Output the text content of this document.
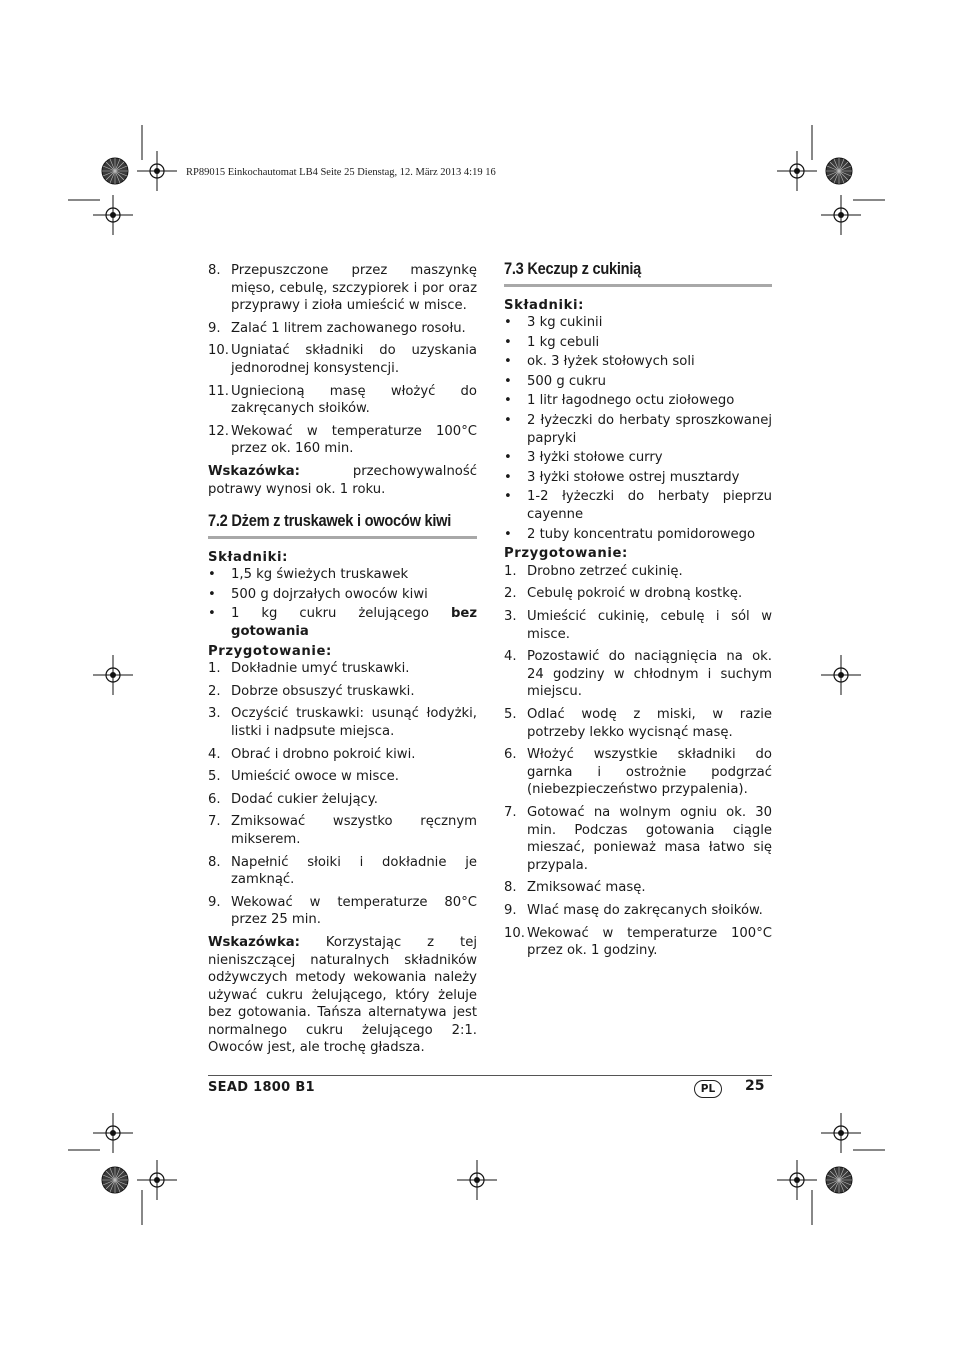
RP89015 Einkochautomat LB4 Seite 25 Dienstag, 12. März 2013 4:19 16
8. Przepuszczone przez maszynkę mięso, cebulę, szczypiorek i por oraz przyprawy i zioła umieścić w misce.
9. Zalać 1 litrem zachowanego rosołu.
10. Ugniatać składniki do uzyskania jednorodnej konsystencji.
11. Ugniecioną masę włożyć do zakręcanych słoików.
12. Wekować w temperaturze 100°C przez ok. 160 min.

Wskazówka: przechowywalność potrawy wynosi ok. 1 roku.

7.2 Dżem z truskawek i owoców kiwi
Składniki:
•	1,5 kg świeżych truskawek
•	500 g dojrzałych owoców kiwi
•	1 kg cukru żelującego bez gotowania
Przygotowanie:
1. Dokładnie umyć truskawki.
2. Dobrze obsuszyć truskawki.
3. Oczyścić truskawki: usunąć łodyżki, listki i nadpsute miejsca.
4. Obrać i drobno pokroić kiwi.
5. Umieścić owoce w misce.
6. Dodać cukier żelujący.
7. Zmiksować wszystko ręcznym mikserem.
8. Napełnić słoiki i dokładnie je zamknąć.
9. Wekować w temperaturze 80°C przez 25 min.

Wskazówka: Korzystając z tej nieniszczącej naturalnych składników odżywczych metody wekowania należy używać cukru żelującego, który żeluje bez gotowania. Tańsza alternatywa jest normalnego cukru żelującego 2:1. Owoców jest, ale trochę gładsza.

7.3 Keczup z cukinią
Składniki:
•	3 kg cukinii
•	1 kg cebuli
•	ok. 3 łyżek stołowych soli
•	500 g cukru
•	1 litr łagodnego octu ziołowego
•	2 łyżeczki do herbaty sproszkowanej papryki
•	3 łyżki stołowe curry
•	3 łyżki stołowe ostrej musztardy
•	1-2 łyżeczki do herbaty pieprzu cayenne
•	2 tuby koncentratu pomidorowego
Przygotowanie:
1. Drobno zetrzeć cukinię.
2. Cebulę pokroić w drobną kostkę.
3. Umieścić cukinię, cebulę i sól w misce.
4. Pozostawić do naciągnięcia na ok. 24 godziny w chłodnym i suchym miejscu.
5. Odlać wodę z miski, w razie potrzeby lekko wycisnąć masę.
6. Włożyć wszystkie składniki do garnka i ostrożnie podgrzać (niebezpieczeństwo przypalenia).
7. Gotować na wolnym ogniu ok. 30 min. Podczas gotowania ciągle mieszać, ponieważ masa łatwo się przypala.
8. Zmiksować masę.
9. Wlać masę do zakręcanych słoików.
10. Wekować w temperaturze 100°C przez ok. 1 godziny.
SEAD 1800 B1	PL	25
